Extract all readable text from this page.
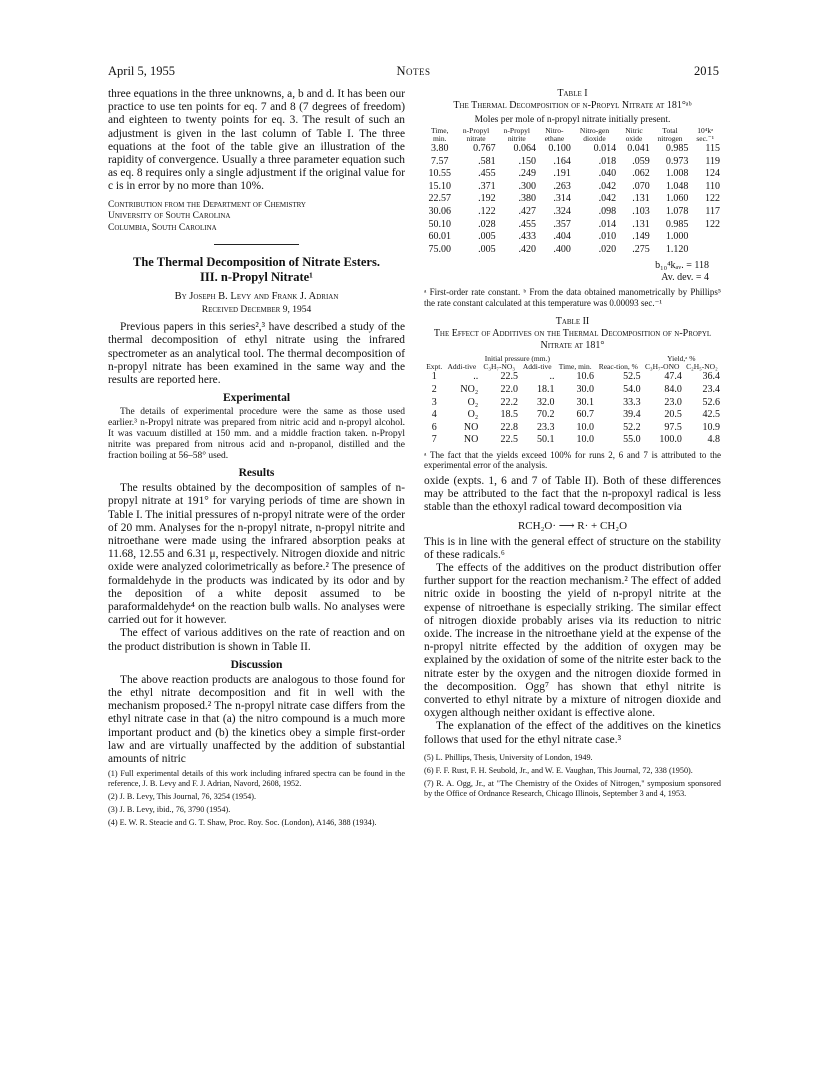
April 5, 1955	Notes	2015

three equations in the three unknowns, a, b and d. It has been our practice to use ten points for eq. 7 and 8 (7 degrees of freedom) and eighteen to twenty points for eq. 3. The result of such an adjustment is given in the last column of Table I. The three equations at the foot of the table give an illustration of the rapidity of convergence. Usually a three parameter equation such as eq. 8 requires only a single adjustment if the original value for c is in error by no more than 10%.

Contribution from the Department of Chemistry
University of South Carolina
Columbia, South Carolina
The Thermal Decomposition of Nitrate Esters.
III. n-Propyl Nitrate¹
By Joseph B. Levy and Frank J. Adrian
Received December 9, 1954

Previous papers in this series²,³ have described a study of the thermal decomposition of ethyl nitrate using the infrared spectrometer as an analytical tool. The thermal decomposition of n-propyl nitrate has been examined in the same way and the results are reported here.

Experimental

The details of experimental procedure were the same as those used earlier.³ n-Propyl nitrate was prepared from nitric acid and n-propyl alcohol. It was vacuum distilled at 150 mm. and a middle fraction taken. n-Propyl nitrite was prepared from nitrous acid and n-propanol, distilled and the fraction boiling at 56–58° used.

Results

The results obtained by the decomposition of samples of n-propyl nitrate at 191° for varying periods of time are shown in Table I. The initial pressures of n-propyl nitrate were of the order of 20 mm. Analyses for the n-propyl nitrate, n-propyl nitrite and nitroethane were made using the infrared absorption peaks at 11.68, 12.55 and 6.31 μ, respectively. Nitrogen dioxide and nitric oxide were analyzed colorimetrically as before.² The presence of formaldehyde in the products was indicated by its odor and by the deposition of a white deposit assumed to be paraformaldehyde⁴ on the reaction bulb walls. No analyses were carried out for it however.

The effect of various additives on the rate of reaction and on the product distribution is shown in Table II.

Discussion

The above reaction products are analogous to those found for the ethyl nitrate decomposition and fit in well with the mechanism proposed.² The n-propyl nitrate case differs from the ethyl nitrate case in that (a) the nitro compound is a much more important product and (b) the kinetics obey a simple first-order law and are virtually unaffected by the addition of substantial amounts of nitric

(1) Full experimental details of this work including infrared spectra can be found in the reference, J. B. Levy and F. J. Adrian, Navord, 2608, 1952.
(2) J. B. Levy, This Journal, 76, 3254 (1954).
(3) J. B. Levy, ibid., 76, 3790 (1954).
(4) E. W. R. Steacie and G. T. Shaw, Proc. Roy. Soc. (London), A146, 388 (1934).
Table I
The Thermal Decomposition of n-Propyl Nitrate at 181°ᵃᵇ
Moles per mole of n-propyl nitrate initially present.
Time, min.	n-Propyl nitrate	n-Propyl nitrite	Nitro-ethane	Nitro-gen dioxide	Nitric oxide	Total nitrogen	10⁴kᵃ sec.⁻¹
3.80	0.767	0.064	0.100	0.014	0.041	0.985	115
7.57	.581	.150	.164	.018	.059	0.973	119
10.55	.455	.249	.191	.040	.062	1.008	124
15.10	.371	.300	.263	.042	.070	1.048	110
22.57	.192	.380	.314	.042	.131	1.060	122
30.06	.122	.427	.324	.098	.103	1.078	117
50.10	.028	.455	.357	.014	.131	0.985	122
60.01	.005	.433	.404	.010	.149	1.000	
75.00	.005	.420	.400	.020	.275	1.120	
b₁₀⁴kₐᵥ. = 118
Av. dev. = 4
ᵃ First-order rate constant. ᵇ From the data obtained manometrically by Phillips⁵ the rate constant calculated at this temperature was 0.00093 sec.⁻¹
Table II
The Effect of Additives on the Thermal Decomposition of n-Propyl Nitrate at 181°
		Initial pressure (mm.)				Yield,ᵃ %	
Expt.	Addi-tive	C₃H₇-NO₃	Addi-tive	Time, min.	Reac-tion, %	C₃H₇-ONO	C₂H₅-NO₂
1	..	22.5	..	10.6	52.5	47.4	36.4
2	NO₂	22.0	18.1	30.0	54.0	84.0	23.4
3	O₂	22.2	32.0	30.1	33.3	23.0	52.6
4	O₂	18.5	70.2	60.7	39.4	20.5	42.5
6	NO	22.8	23.3	10.0	52.2	97.5	10.9
7	NO	22.5	50.1	10.0	55.0	100.0	4.8
ᵃ The fact that the yields exceed 100% for runs 2, 6 and 7 is attributed to the experimental error of the analysis.

oxide (expts. 1, 6 and 7 of Table II). Both of these differences may be attributed to the fact that the n-propoxyl radical is less stable than the ethoxyl radical toward decomposition via

RCH₂O· ⟶ R· + CH₂O

This is in line with the general effect of structure on the stability of these radicals.⁶

The effects of the additives on the product distribution offer further support for the reaction mechanism.² The effect of added nitric oxide in boosting the yield of n-propyl nitrite at the expense of nitroethane is especially striking. The similar effect of nitrogen dioxide probably arises via its reduction to nitric oxide. The increase in the nitroethane yield at the expense of the n-propyl nitrite effected by the addition of oxygen may be explained by the oxidation of some of the nitrite ester back to the nitrate ester by the oxygen and the nitrogen dioxide formed in the decomposition. Ogg⁷ has shown that ethyl nitrite is converted to ethyl nitrate by a mixture of nitrogen dioxide and oxygen although neither oxidant is effective alone.

The explanation of the effect of the additives on the kinetics follows that used for the ethyl nitrate case.³

(5) L. Phillips, Thesis, University of London, 1949.
(6) F. F. Rust, F. H. Seubold, Jr., and W. E. Vaughan, This Journal, 72, 338 (1950).
(7) R. A. Ogg, Jr., at "The Chemistry of the Oxides of Nitrogen," symposium sponsored by the Office of Ordnance Research, Chicago Illinois, September 3 and 4, 1953.
